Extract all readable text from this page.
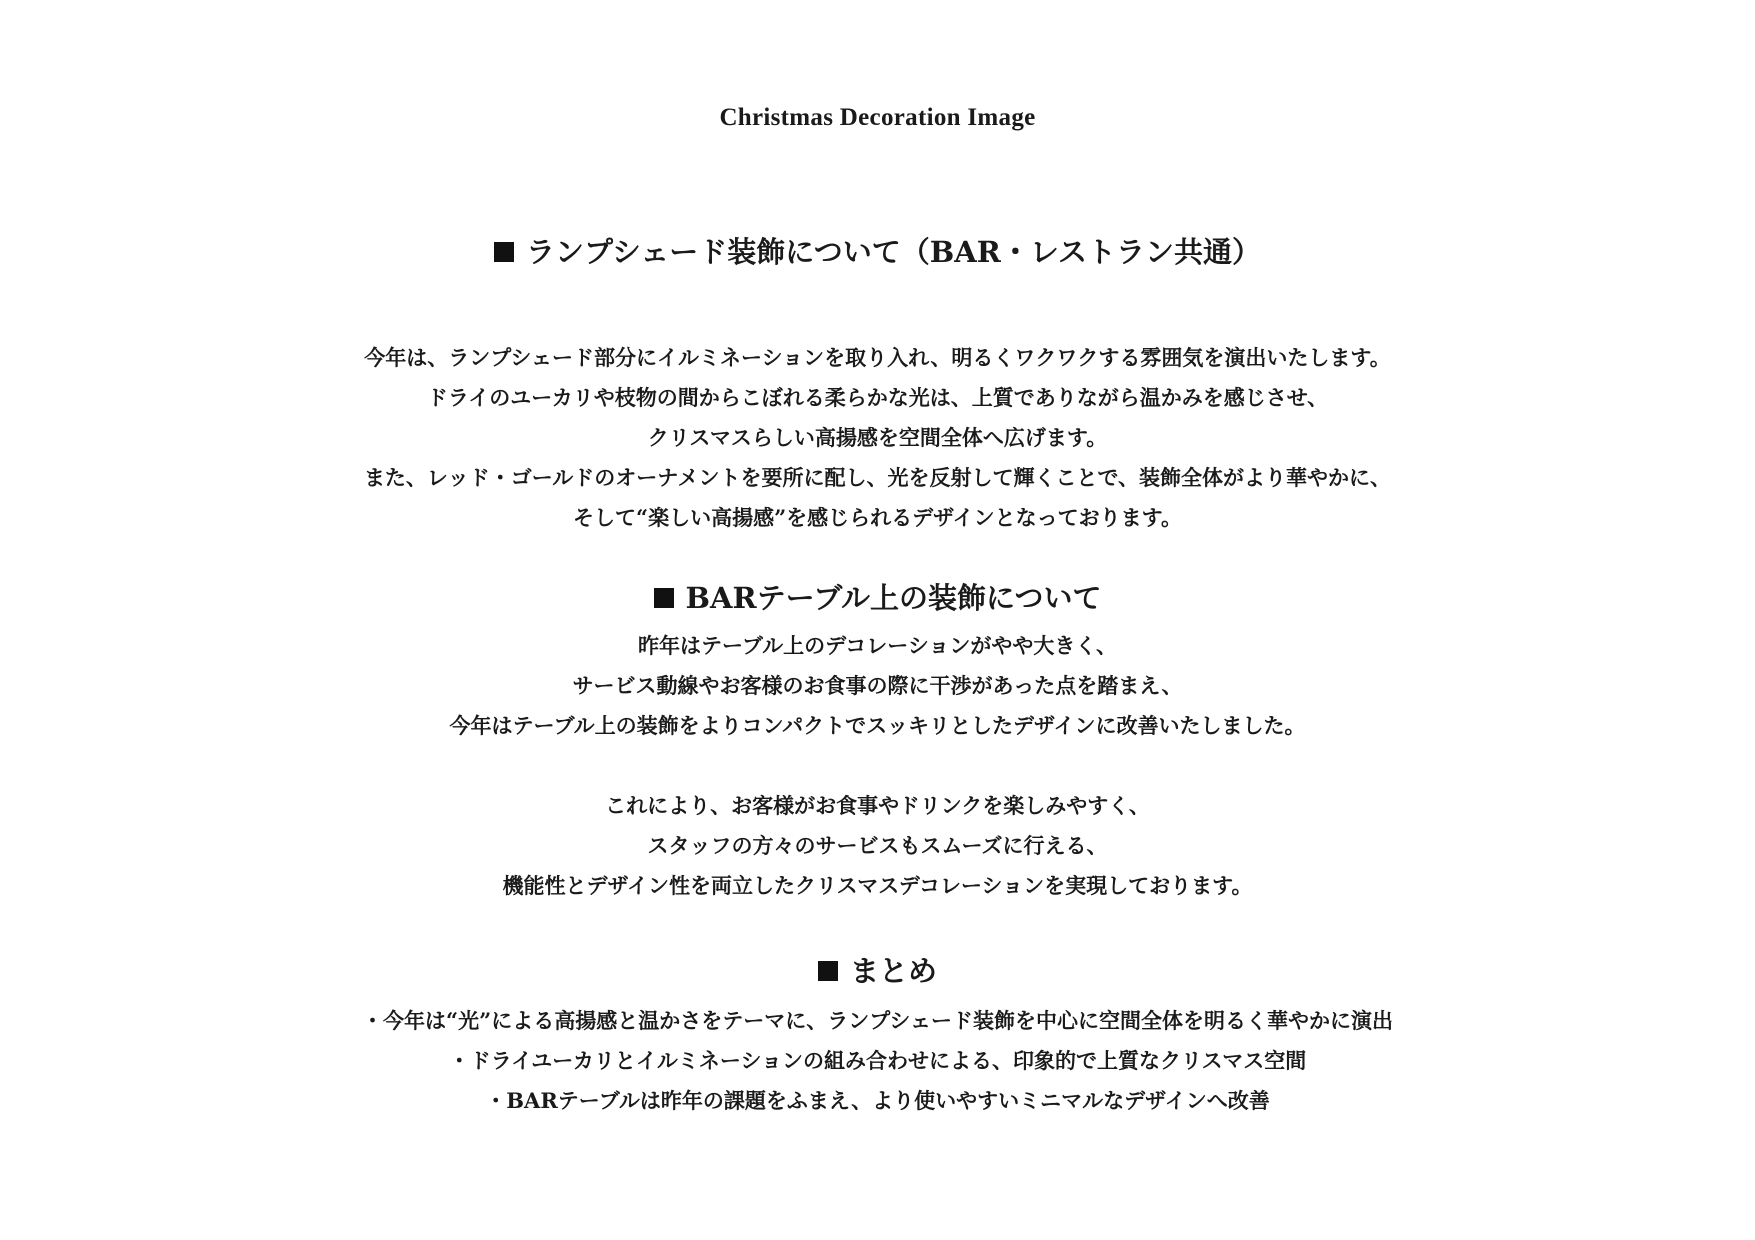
Christmas Decoration Image
ランプシェード装飾について（BAR・レストラン共通）
今年は、ランプシェード部分にイルミネーションを取り入れ、明るくワクワクする雰囲気を演出いたします。
ドライのユーカリや枝物の間からこぼれる柔らかな光は、上質でありながら温かみを感じさせ、
クリスマスらしい高揚感を空間全体へ広げます。
また、レッド・ゴールドのオーナメントを要所に配し、光を反射して輝くことで、装飾全体がより華やかに、
そして“楽しい高揚感”を感じられるデザインとなっております。
BARテーブル上の装飾について
昨年はテーブル上のデコレーションがやや大きく、
サービス動線やお客様のお食事の際に干渉があった点を踏まえ、
今年はテーブル上の装飾をよりコンパクトでスッキリとしたデザインに改善いたしました。
これにより、お客様がお食事やドリンクを楽しみやすく、
スタッフの方々のサービスもスムーズに行える、
機能性とデザイン性を両立したクリスマスデコレーションを実現しております。
まとめ
・今年は“光”による高揚感と温かさをテーマに、ランプシェード装飾を中心に空間全体を明るく華やかに演出
・ドライユーカリとイルミネーションの組み合わせによる、印象的で上質なクリスマス空間
・BARテーブルは昨年の課題をふまえ、より使いやすいミニマルなデザインへ改善
